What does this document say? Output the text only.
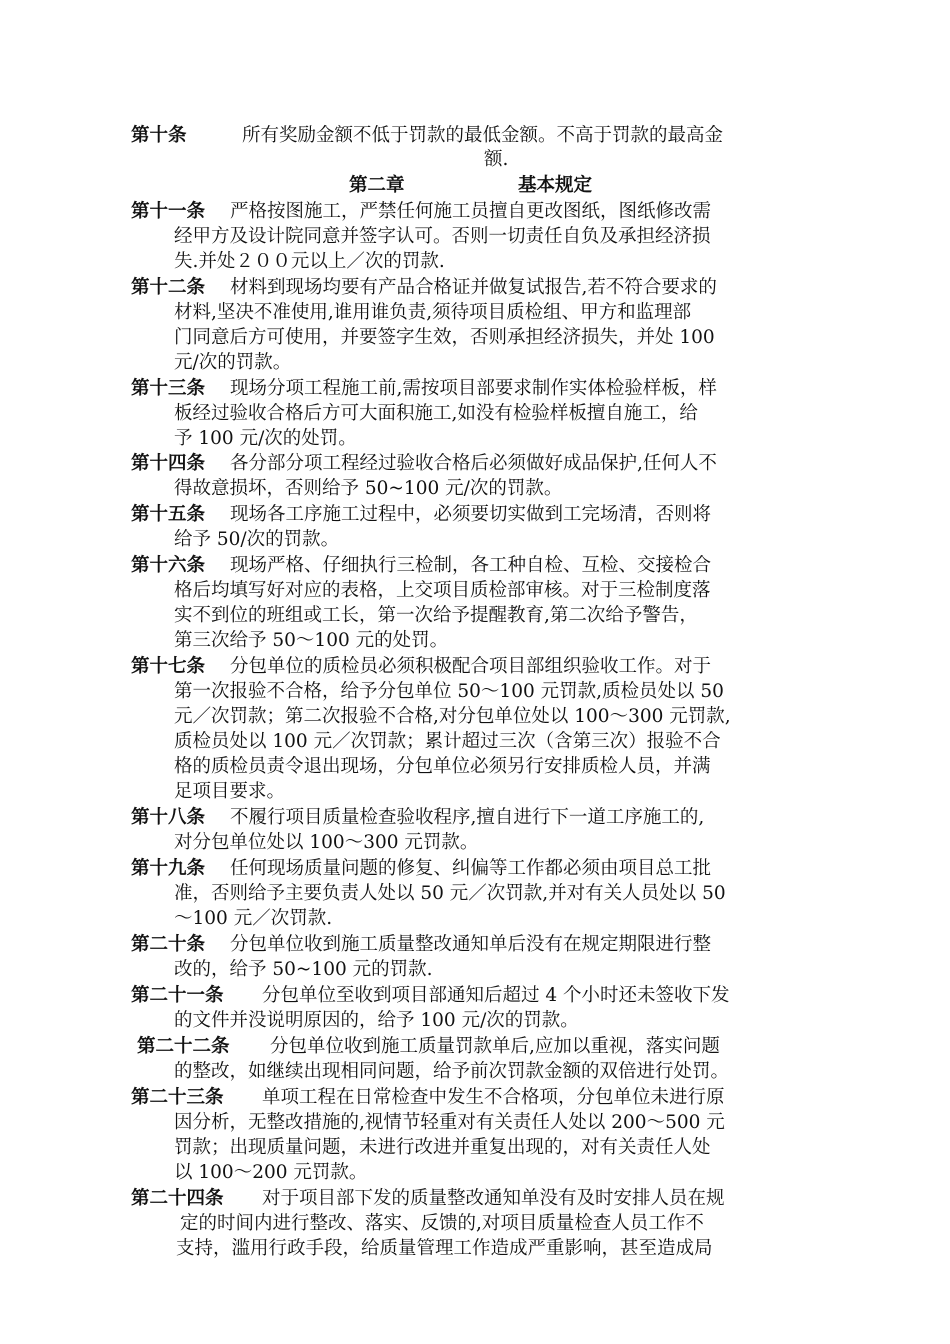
第十条	所有奖励金额不低于罚款的最低金额。不高于罚款的最高金
额.
第二章	基本规定
第十一条 严格按图施工，严禁任何施工员擅自更改图纸，图纸修改需
经甲方及设计院同意并签字认可。否则一切责任自负及承担经济损
失.并处２００元以上／次的罚款.
第十二条 材料到现场均要有产品合格证并做复试报告,若不符合要求的
材料,坚决不准使用,谁用谁负责,须待项目质检组、甲方和监理部
门同意后方可使用，并要签字生效，否则承担经济损失，并处 100
元/次的罚款。
第十三条 现场分项工程施工前,需按项目部要求制作实体检验样板，样
板经过验收合格后方可大面积施工,如没有检验样板擅自施工，给
予 100 元/次的处罚。
第十四条 各分部分项工程经过验收合格后必须做好成品保护,任何人不
得故意损坏，否则给予 50~100 元/次的罚款。
第十五条 现场各工序施工过程中，必须要切实做到工完场清，否则将
给予 50/次的罚款。
第十六条 现场严格、仔细执行三检制，各工种自检、互检、交接检合
格后均填写好对应的表格，上交项目质检部审核。对于三检制度落
实不到位的班组或工长，第一次给予提醒教育,第二次给予警告，
第三次给予 50～100 元的处罚。
第十七条 分包单位的质检员必须积极配合项目部组织验收工作。对于
第一次报验不合格，给予分包单位 50～100 元罚款,质检员处以 50
元／次罚款；第二次报验不合格,对分包单位处以 100～300 元罚款,
质检员处以 100 元／次罚款；累计超过三次（含第三次）报验不合
格的质检员责令退出现场，分包单位必须另行安排质检人员，并满
足项目要求。
第十八条 不履行项目质量检查验收程序,擅自进行下一道工序施工的,
对分包单位处以 100～300 元罚款。
第十九条 任何现场质量问题的修复、纠偏等工作都必须由项目总工批
准，否则给予主要负责人处以 50 元／次罚款,并对有关人员处以 50
～100 元／次罚款.
第二十条 分包单位收到施工质量整改通知单后没有在规定期限进行整
改的，给予 50~100 元的罚款.
第二十一条 分包单位至收到项目部通知后超过 4 个小时还未签收下发
的文件并没说明原因的，给予 100 元/次的罚款。
第二十二条 分包单位收到施工质量罚款单后,应加以重视，落实问题
的整改，如继续出现相同问题，给予前次罚款金额的双倍进行处罚。
第二十三条 单项工程在日常检查中发生不合格项，分包单位未进行原
因分析，无整改措施的,视情节轻重对有关责任人处以 200～500 元
罚款；出现质量问题，未进行改进并重复出现的，对有关责任人处
以 100～200 元罚款。
第二十四条 对于项目部下发的质量整改通知单没有及时安排人员在规
定的时间内进行整改、落实、反馈的,对项目质量检查人员工作不
支持，滥用行政手段，给质量管理工作造成严重影响，甚至造成局
